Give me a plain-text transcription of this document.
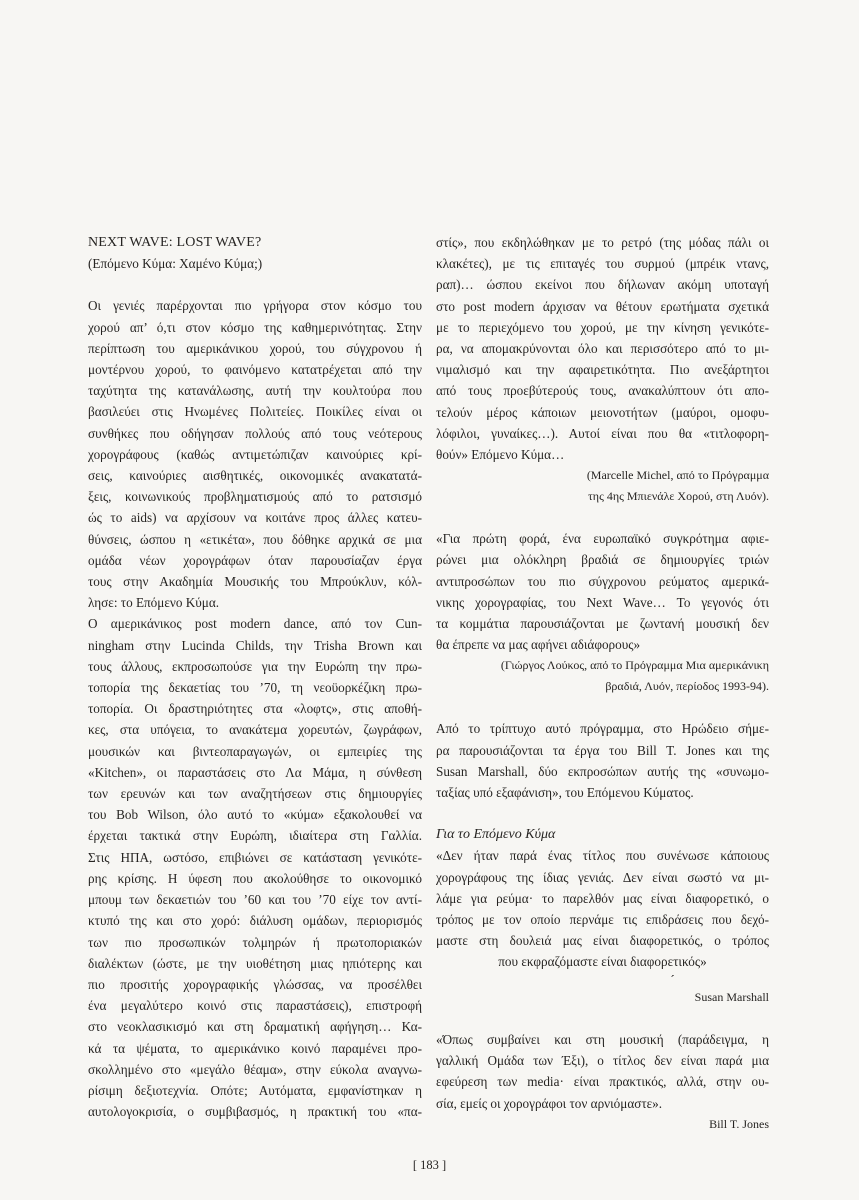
NEXT WAVE: LOST WAVE?

(Επόμενο Κύμα: Χαμένο Κύμα;)

Οι γενιές παρέρχονται πιο γρήγορα στον κόσμο του

χορού απ’ ό,τι στον κόσμο της καθημερινότητας. Στην

περίπτωση του αμερικάνικου χορού, του σύγχρονου ή

μοντέρνου χορού, το φαινόμενο κατατρέχεται από την

ταχύτητα της κατανάλωσης, αυτή την κουλτούρα που

βασιλεύει στις Ηνωμένες Πολιτείες. Ποικίλες είναι οι

συνθήκες που οδήγησαν πολλούς από τους νεότερους

χορογράφους (καθώς αντιμετώπιζαν καινούριες κρί-

σεις, καινούριες αισθητικές, οικονομικές ανακατατά-

ξεις, κοινωνικούς προβληματισμούς από το ρατσισμό

ώς το aids) να αρχίσουν να κοιτάνε προς άλλες κατευ-

θύνσεις, ώσπου η «ετικέτα», που δόθηκε αρχικά σε μια

ομάδα νέων χορογράφων όταν παρουσίαζαν έργα

τους στην Ακαδημία Μουσικής του Μπρούκλυν, κόλ-

λησε: το Επόμενο Κύμα.

Ο αμερικάνικος post modern dance, από τον Cun-

ningham στην Lucinda Childs, την Trisha Brown και

τους άλλους, εκπροσωπούσε για την Ευρώπη την πρω-

τοπορία της δεκαετίας του ’70, τη νεοϋορκέζικη πρω-

τοπορία. Οι δραστηριότητες στα «λοφτς», στις αποθή-

κες, στα υπόγεια, το ανακάτεμα χορευτών, ζωγράφων,

μουσικών και βιντεοπαραγωγών, οι εμπειρίες της

«Kitchen», οι παραστάσεις στο Λα Μάμα, η σύνθεση

των ερευνών και των αναζητήσεων στις δημιουργίες

του Bob Wilson, όλο αυτό το «κύμα» εξακολουθεί να

έρχεται τακτικά στην Ευρώπη, ιδιαίτερα στη Γαλλία.

Στις ΗΠΑ, ωστόσο, επιβιώνει σε κατάσταση γενικότε-

ρης κρίσης. Η ύφεση που ακολούθησε το οικονομικό

μπουμ των δεκαετιών του ’60 και του ’70 είχε τον αντί-

κτυπό της και στο χορό: διάλυση ομάδων, περιορισμός

των πιο προσωπικών τολμηρών ή πρωτοποριακών

διαλέκτων (ώστε, με την υιοθέτηση μιας ηπιότερης και

πιο προσιτής χορογραφικής γλώσσας, να προσέλθει

ένα μεγαλύτερο κοινό στις παραστάσεις), επιστροφή

στο νεοκλασικισμό και στη δραματική αφήγηση… Κα-

κά τα ψέματα, το αμερικάνικο κοινό παραμένει προ-

σκολλημένο στο «μεγάλο θέαμα», στην εύκολα αναγνω-

ρίσιμη δεξιοτεχνία. Οπότε; Αυτόματα, εμφανίστηκαν η

αυτολογοκρισία, ο συμβιβασμός, η πρακτική του «πα-

στίς», που εκδηλώθηκαν με το ρετρό (της μόδας πάλι οι

κλακέτες), με τις επιταγές του συρμού (μπρέικ ντανς,

ραπ)… ώσπου εκείνοι που δήλωναν ακόμη υποταγή

στο post modern άρχισαν να θέτουν ερωτήματα σχετικά

με το περιεχόμενο του χορού, με την κίνηση γενικότε-

ρα, να απομακρύνονται όλο και περισσότερο από το μι-

νιμαλισμό και την αφαιρετικότητα. Πιο ανεξάρτητοι

από τους προεβύτερούς τους, ανακαλύπτουν ότι απο-

τελούν μέρος κάποιων μειονοτήτων (μαύροι, ομοφυ-

λόφιλοι, γυναίκες…). Αυτοί είναι που θα «τιτλοφορη-

θούν» Επόμενο Κύμα…

(Marcelle Michel, από το Πρόγραμμα

της 4ης Μπιενάλε Χορού, στη Λυόν).

«Για πρώτη φορά, ένα ευρωπαϊκό συγκρότημα αφιε-

ρώνει μια ολόκληρη βραδιά σε δημιουργίες τριών

αντιπροσώπων του πιο σύγχρονου ρεύματος αμερικά-

νικης χορογραφίας, του Next Wave… Το γεγονός ότι

τα κομμάτια παρουσιάζονται με ζωντανή μουσική δεν

θα έπρεπε να μας αφήνει αδιάφορους»

(Γιώργος Λούκος, από το Πρόγραμμα Μια αμερικάνικη

βραδιά, Λυόν, περίοδος 1993-94).

Από το τρίπτυχο αυτό πρόγραμμα, στο Ηρώδειο σήμε-

ρα παρουσιάζονται τα έργα του Bill T. Jones και της

Susan Marshall, δύο εκπροσώπων αυτής της «συνωμο-

ταξίας υπό εξαφάνιση», του Επόμενου Κύματος.

Για το Επόμενο Κύμα

«Δεν ήταν παρά ένας τίτλος που συνένωσε κάποιους

χορογράφους της ίδιας γενιάς. Δεν είναι σωστό να μι-

λάμε για ρεύμα· το παρελθόν μας είναι διαφορετικό, ο

τρόπος με τον οποίο περνάμε τις επιδράσεις που δεχό-

μαστε στη δουλειά μας είναι διαφορετικός, ο τρόπος

που εκφραζόμαστε είναι διαφορετικός»

´

Susan Marshall

«Όπως συμβαίνει και στη μουσική (παράδειγμα, η

γαλλική Ομάδα των Έξι), ο τίτλος δεν είναι παρά μια

εφεύρεση των media· είναι πρακτικός, αλλά, στην ου-

σία, εμείς οι χορογράφοι τον αρνιόμαστε».

Bill T. Jones

[ 183 ]
